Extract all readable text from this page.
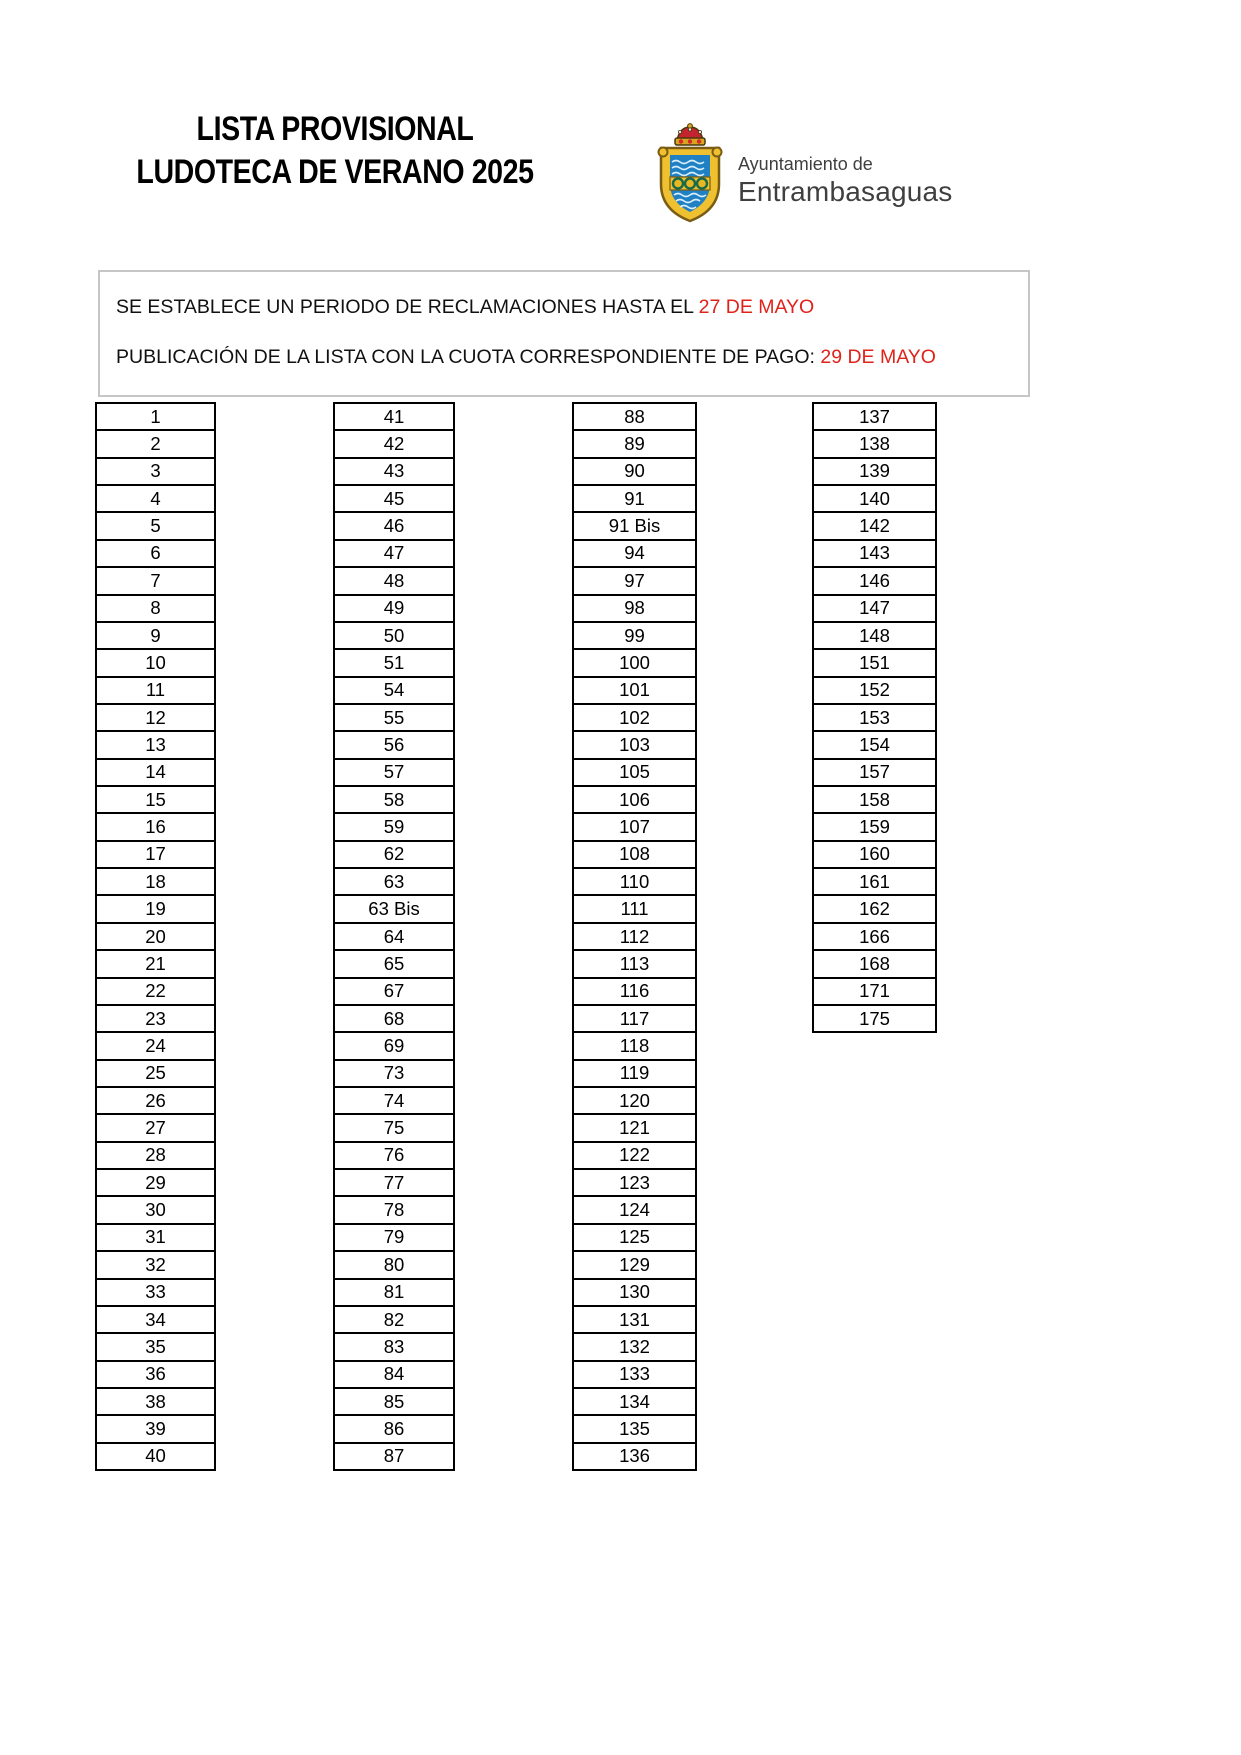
LISTA PROVISIONAL
LUDOTECA DE VERANO 2025	Ayuntamiento de
Entrambasaguas
SE ESTABLECE UN PERIODO DE RECLAMACIONES HASTA EL 27 DE MAYO
PUBLICACIÓN DE LA LISTA CON LA CUOTA CORRESPONDIENTE DE PAGO: 29 DE MAYO
1
2
3
4
5
6
7
8
9
10
11
12
13
14
15
16
17
18
19
20
21
22
23
24
25
26
27
28
29
30
31
32
33
34
35
36
38
39
40
41
42
43
45
46
47
48
49
50
51
54
55
56
57
58
59
62
63
63 Bis
64
65
67
68
69
73
74
75
76
77
78
79
80
81
82
83
84
85
86
87
88
89
90
91
91 Bis
94
97
98
99
100
101
102
103
105
106
107
108
110
111
112
113
116
117
118
119
120
121
122
123
124
125
129
130
131
132
133
134
135
136
137
138
139
140
142
143
146
147
148
151
152
153
154
157
158
159
160
161
162
166
168
171
175
